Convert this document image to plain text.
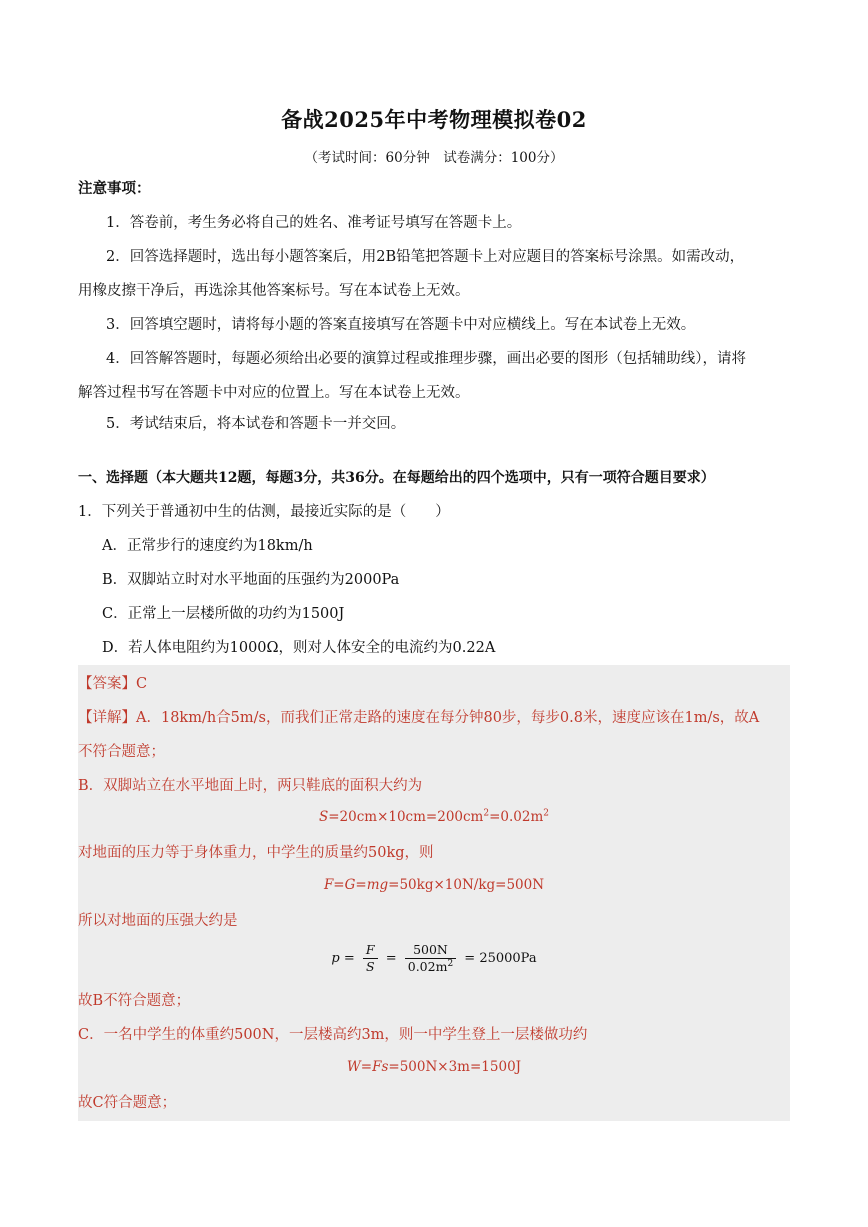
备战2025年中考物理模拟卷02
（考试时间：60分钟　试卷满分：100分）
注意事项：
1．答卷前，考生务必将自己的姓名、准考证号填写在答题卡上。
2．回答选择题时，选出每小题答案后，用2B铅笔把答题卡上对应题目的答案标号涂黑。如需改动，
用橡皮擦干净后，再选涂其他答案标号。写在本试卷上无效。
3．回答填空题时，请将每小题的答案直接填写在答题卡中对应横线上。写在本试卷上无效。
4．回答解答题时，每题必须给出必要的演算过程或推理步骤，画出必要的图形（包括辅助线），请将
解答过程书写在答题卡中对应的位置上。写在本试卷上无效。
5．考试结束后，将本试卷和答题卡一并交回。
一、选择题（本大题共12题，每题3分，共36分。在每题给出的四个选项中，只有一项符合题目要求）
1．下列关于普通初中生的估测，最接近实际的是（　　）
A．正常步行的速度约为18km/h
B．双脚站立时对水平地面的压强约为2000Pa
C．正常上一层楼所做的功约为1500J
D．若人体电阻约为1000Ω，则对人体安全的电流约为0.22A
【答案】C
【详解】A．18km/h合5m/s，而我们正常走路的速度在每分钟80步，每步0.8米，速度应该在1m/s，故A
不符合题意；
B．双脚站立在水平地面上时，两只鞋底的面积大约为
$S=20cm\times 10cm=200cm^2=0.02m^2$
对地面的压力等于身体重力，中学生的质量约50kg，则
F=G=mg=50kg×10N/kg=500N
所以对地面的压强大约是
$p = \frac{F}{S} = \frac{500N}{0.02m^2} = 25000Pa$
故B不符合题意；
C．一名中学生的体重约500N，一层楼高约3m，则一中学生登上一层楼做功约
W=Fs=500N×3m=1500J
故C符合题意；
